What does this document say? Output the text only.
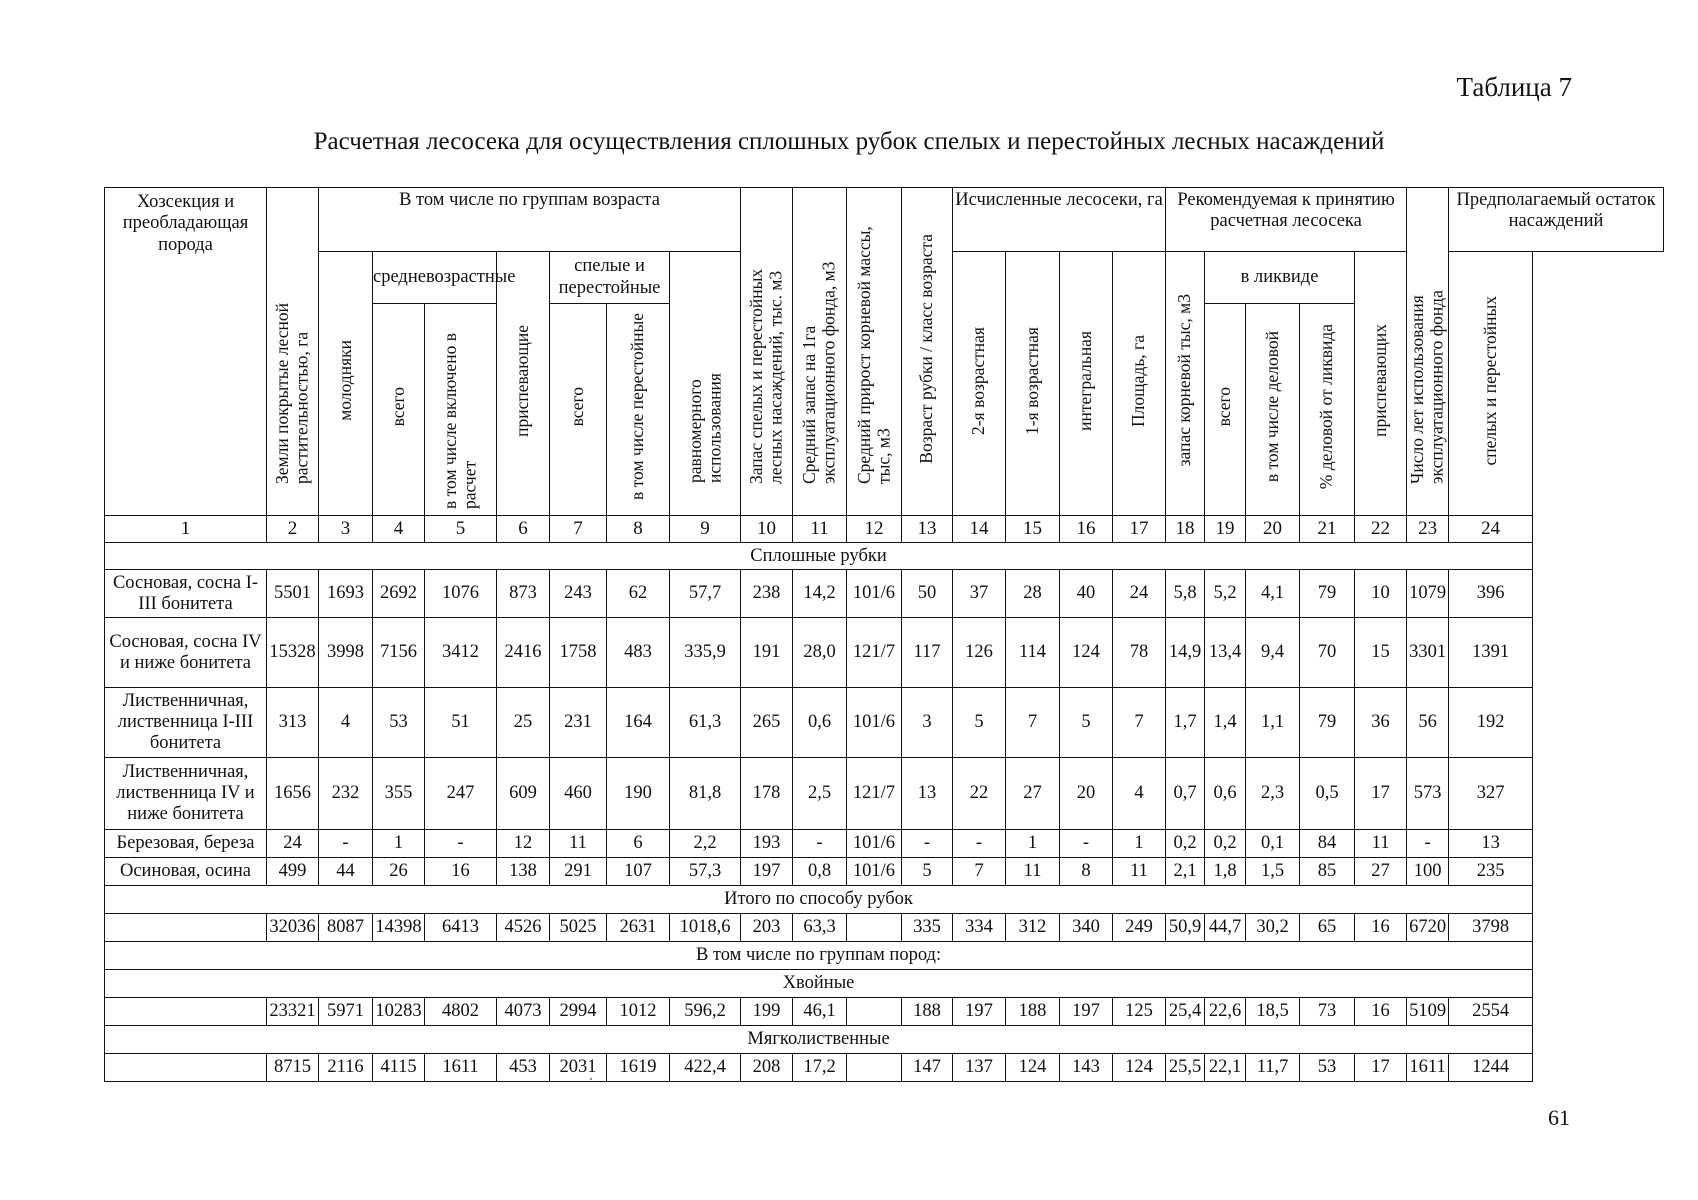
Таблица 7
Расчетная лесосека для осуществления сплошных рубок спелых и перестойных лесных насаждений
Хозсекция и преобладающая порода	Земли покрытые лесной растительностью, га	В том числе по группам возраста							Запас спелых и перестойных лесных насаждений, тыс. м3	Средний запас на 1га эксплуатационного фонда, м3	Средний прирост корневой массы, тыс, м3	Возраст рубки / класс возраста	Исчисленные лесосеки, га				Рекомендуемая к принятию расчетная лесосека					Число лет использования эксплуатационного фонда	Предполагаемый остаток насаждений
		молодняки	средневозрастные		приспевающие	спелые и перестойные		равномерного использования					2-я возрастная	1-я возрастная	интегральная	Площадь, га	запас корневой тыс, м3	в ликвиде			приспевающих		спелых и перестойных
			всего	в том числе включено в расчет		всего	в том числе перестойные											всего	в том числе деловой	% деловой от ликвида			
1	2	3	4	5	6	7	8	9	10	11	12	13	14	15	16	17	18	19	20	21	22	23	24
Сплошные рубки																							
Сосновая, сосна I-III бонитета	5501	1693	2692	1076	873	243	62	57,7	238	14,2	101/6	50	37	28	40	24	5,8	5,2	4,1	79	10	1079	396
Сосновая, сосна IV и ниже бонитета	15328	3998	7156	3412	2416	1758	483	335,9	191	28,0	121/7	117	126	114	124	78	14,9	13,4	9,4	70	15	3301	1391
Лиственничная, лиственница I-III бонитета	313	4	53	51	25	231	164	61,3	265	0,6	101/6	3	5	7	5	7	1,7	1,4	1,1	79	36	56	192
Лиственничная, лиственница IV и ниже бонитета	1656	232	355	247	609	460	190	81,8	178	2,5	121/7	13	22	27	20	4	0,7	0,6	2,3	0,5	17	573	327
Березовая, береза	24	-	1	-	12	11	6	2,2	193	-	101/6	-	-	1	-	1	0,2	0,2	0,1	84	11	-	13
Осиновая, осина	499	44	26	16	138	291	107	57,3	197	0,8	101/6	5	7	11	8	11	2,1	1,8	1,5	85	27	100	235
Итого по способу рубок																							
	32036	8087	14398	6413	4526	5025	2631	1018,6	203	63,3		335	334	312	340	249	50,9	44,7	30,2	65	16	6720	3798
В том числе по группам пород:																							
Хвойные																							
	23321	5971	10283	4802	4073	2994	1012	596,2	199	46,1		188	197	188	197	125	25,4	22,6	18,5	73	16	5109	2554
Мягколиственные																							
	8715	2116	4115	1611	453	2031	1619	422,4	208	17,2		147	137	124	143	124	25,5	22,1	11,7	53	17	1611	1244
61
